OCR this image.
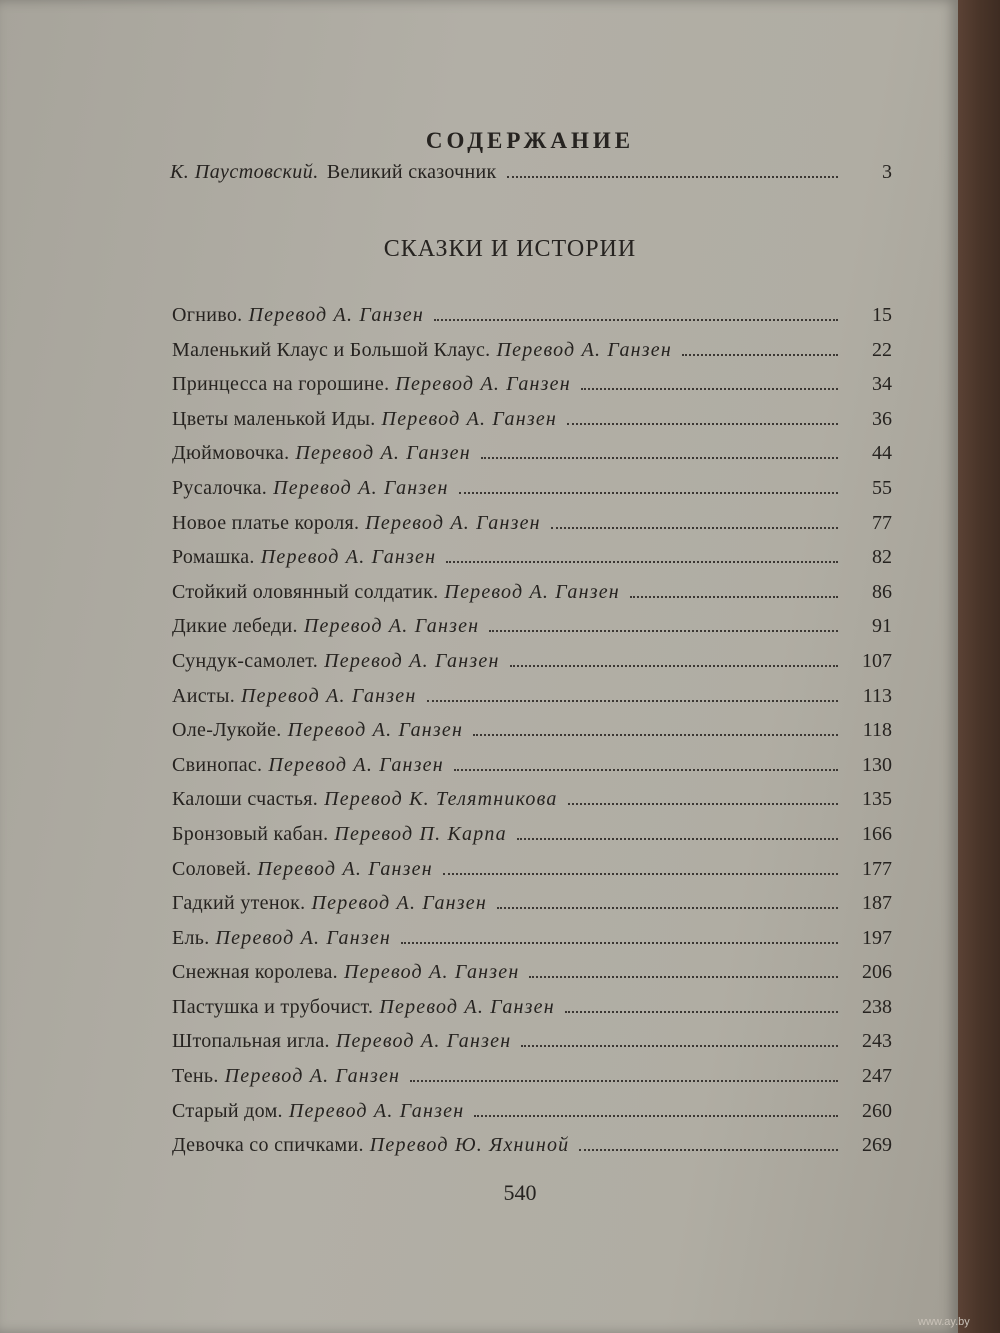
СОДЕРЖАНИЕ
К. Паустовский. Великий сказочник	3
СКАЗКИ И ИСТОРИИ
Огниво. Перевод А. Ганзен	15
Маленький Клаус и Большой Клаус. Перевод А. Ганзен	22
Принцесса на горошине. Перевод А. Ганзен	34
Цветы маленькой Иды. Перевод А. Ганзен	36
Дюймовочка. Перевод А. Ганзен	44
Русалочка. Перевод А. Ганзен	55
Новое платье короля. Перевод А. Ганзен	77
Ромашка. Перевод А. Ганзен	82
Стойкий оловянный солдатик. Перевод А. Ганзен	86
Дикие лебеди. Перевод А. Ганзен	91
Сундук-самолет. Перевод А. Ганзен	107
Аисты. Перевод А. Ганзен	113
Оле-Лукойе. Перевод А. Ганзен	118
Свинопас. Перевод А. Ганзен	130
Калоши счастья. Перевод К. Телятникова	135
Бронзовый кабан. Перевод П. Карпа	166
Соловей. Перевод А. Ганзен	177
Гадкий утенок. Перевод А. Ганзен	187
Ель. Перевод А. Ганзен	197
Снежная королева. Перевод А. Ганзен	206
Пастушка и трубочист. Перевод А. Ганзен	238
Штопальная игла. Перевод А. Ганзен	243
Тень. Перевод А. Ганзен	247
Старый дом. Перевод А. Ганзен	260
Девочка со спичками. Перевод Ю. Яхниной	269
540
www.ay.by
